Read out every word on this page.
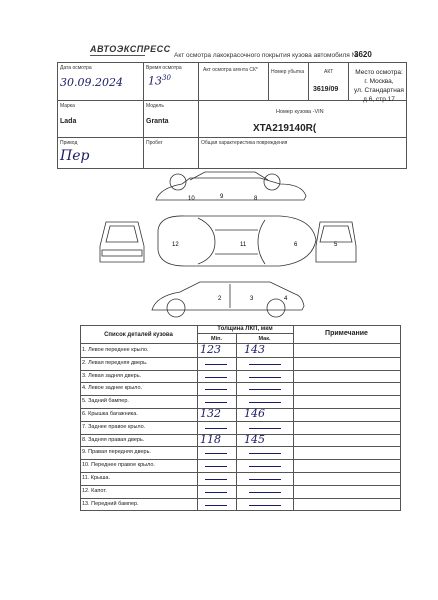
АВТОЭКСПРЕСС
Акт осмотра лакокрасочного покрытия кузова автомобиля №
3620
Дата осмотра
30.09.2024
Время осмотра
$13^{30}$
Акт осмотра агента СК*	Номер убытка	АКТ
3619/09
Место осмотра:
г. Москва,
ул. Стандартная
д.6, стр.17
Марка
Lada
Модель
Granta
Номер кузова -VIN
XTA219140R(
Привод
Пер
Пробег	Общая характеристика повреждения
10	9	8
12	11	6	5
2	3	4
Список деталей кузова
Толщина ЛКП, мкм
Min.	Мак.
Примечание
1. Левое переднее крыло.	123 143
2. Левая передняя дверь.
3. Левая задняя дверь.
4. Левое заднее крыло.
5. Задний бампер.
6. Крышка багажника.	132 146
7. Заднее правое крыло.
8. Задняя правая дверь.	118 145
9. Правая передняя дверь.
10. Переднее правое крыло.
11. Крыша.
12. Капот.
13. Передний бампер.
